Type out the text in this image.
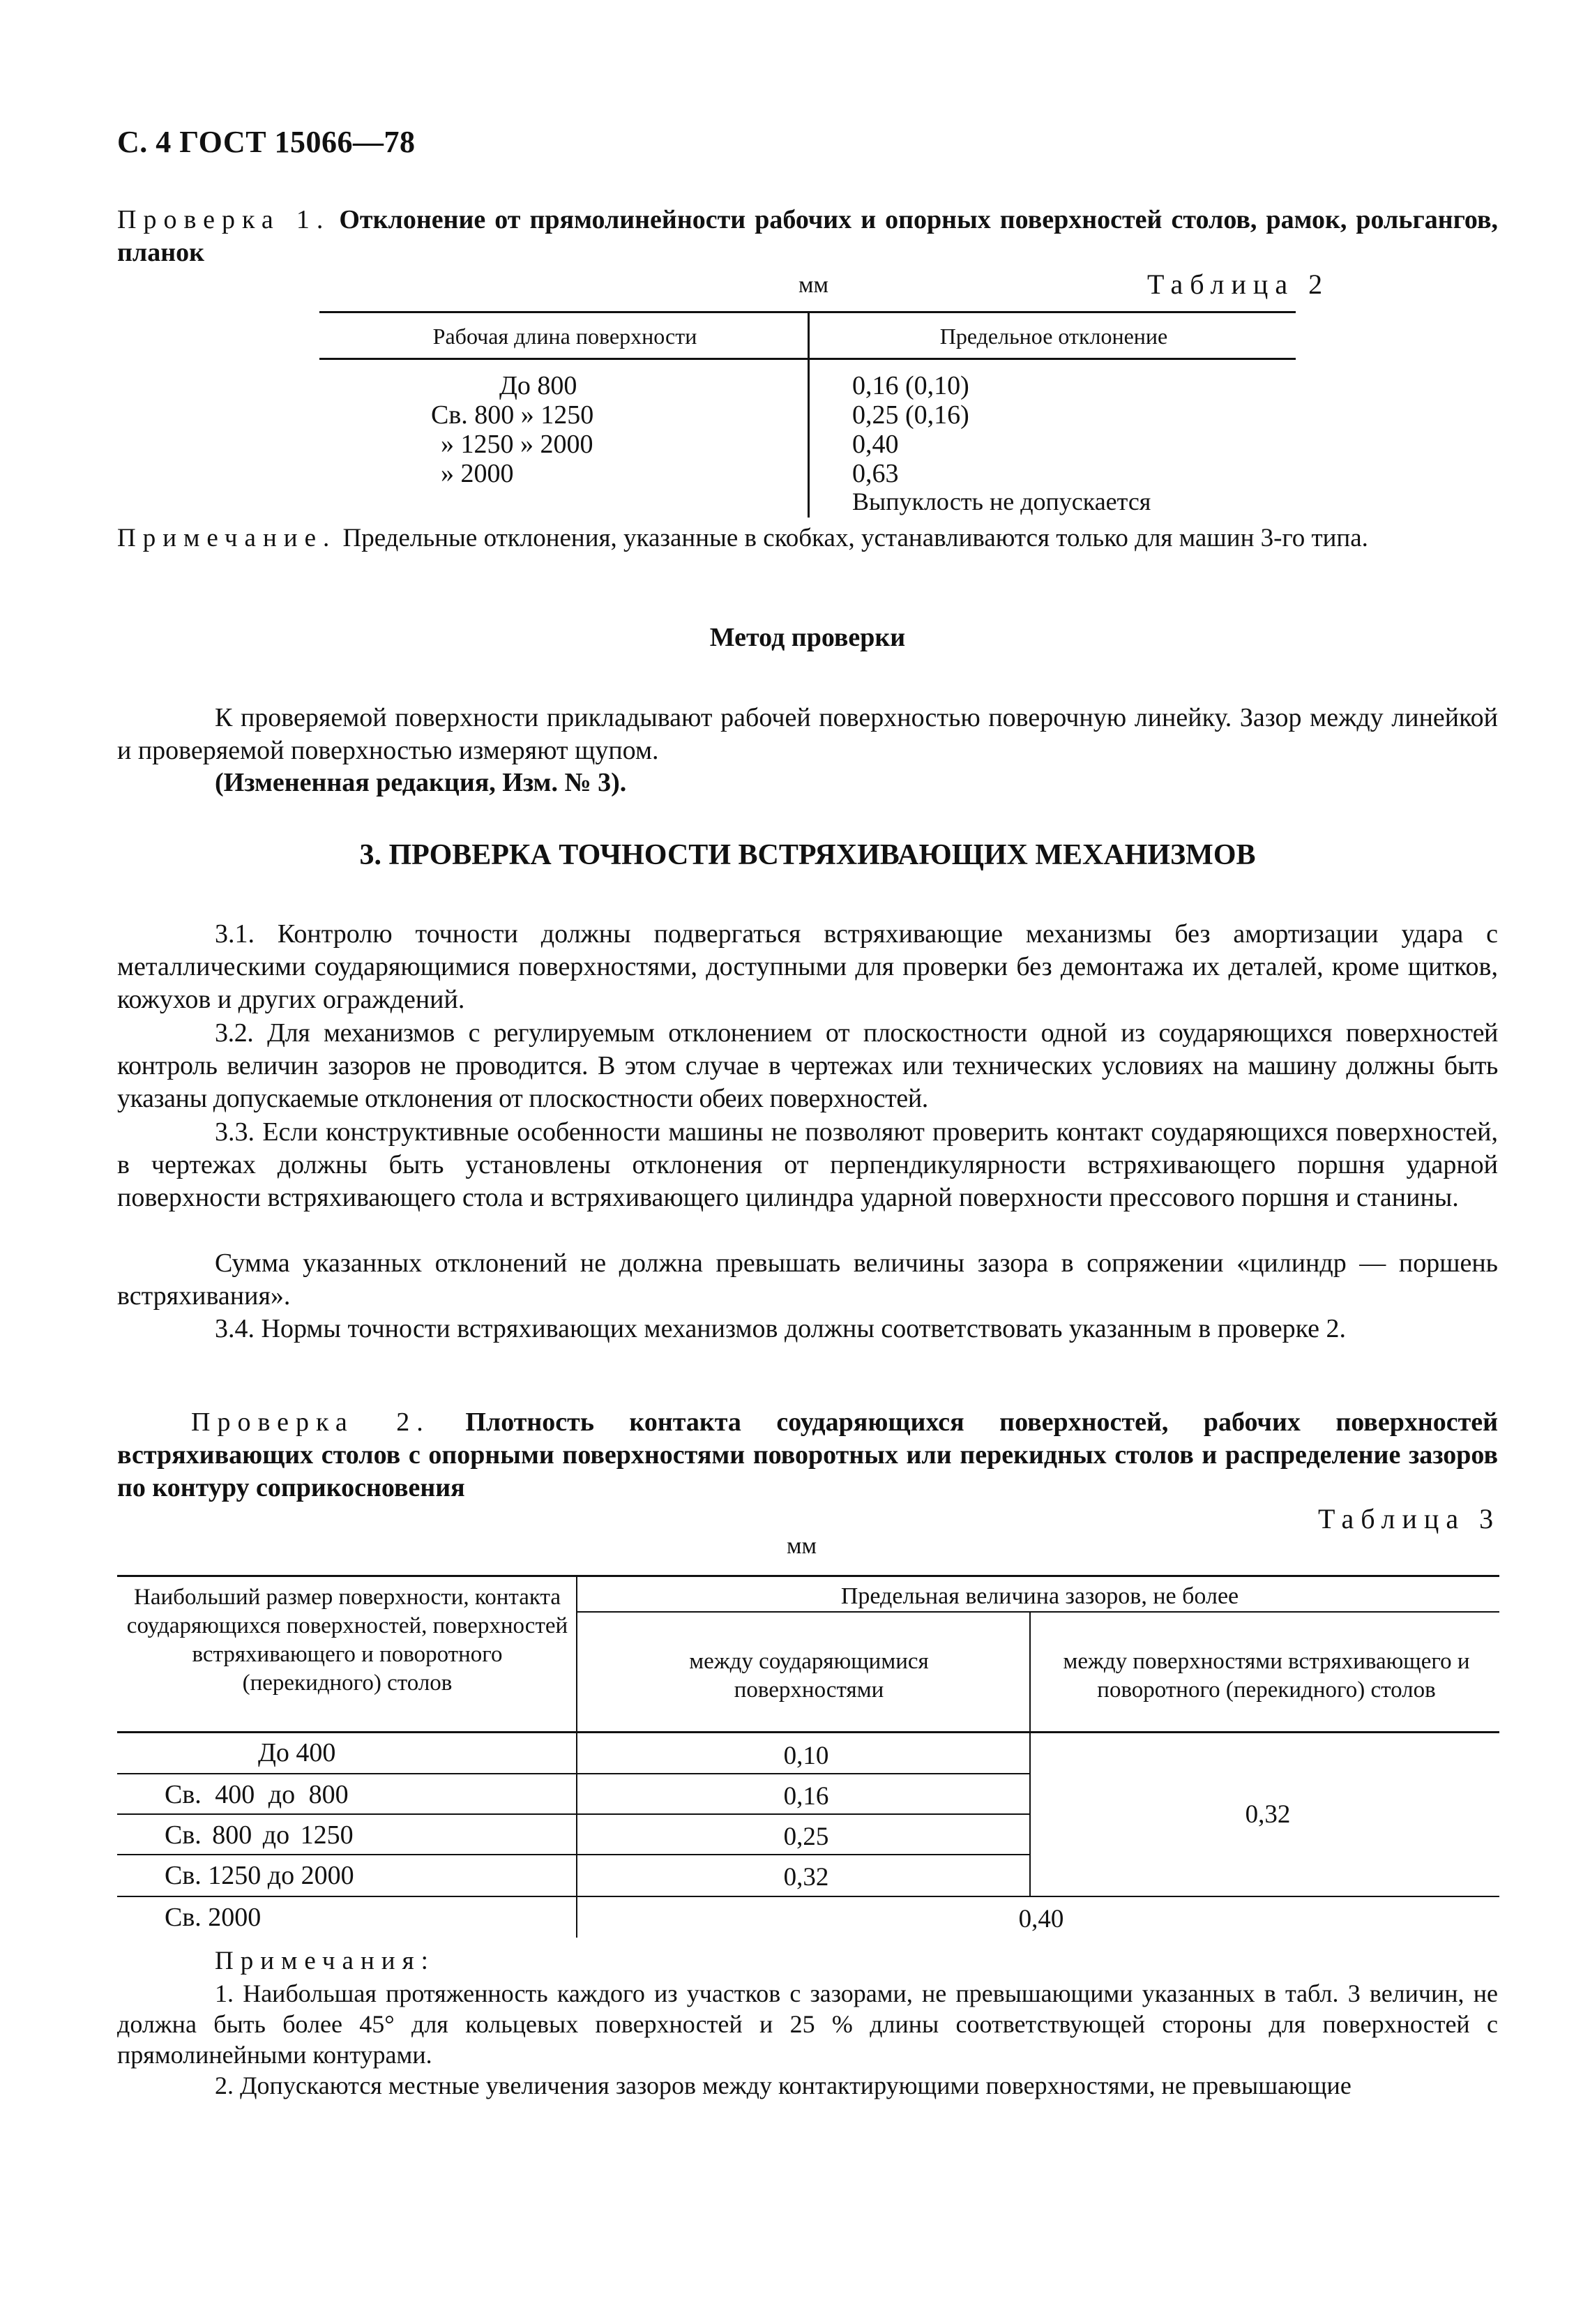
С. 4 ГОСТ 15066—78
Проверка 1. Отклонение от прямолинейности рабочих и опорных поверхностей столов, рамок, рольгангов, планок
мм	Таблица 2
Рабочая длина поверхности	Предельное отклонение
До 800
Св. 800 » 1250
» 1250 » 2000
» 2000
0,16 (0,10)
0,25 (0,16)
0,40
0,63
Выпуклость не допускается
Примечание. Предельные отклонения, указанные в скобках, устанавливаются только для машин 3-го типа.
Метод проверки
К проверяемой поверхности прикладывают рабочей поверхностью поверочную линейку. Зазор между линейкой и проверяемой поверхностью измеряют щупом.
(Измененная редакция, Изм. № 3).
3. ПРОВЕРКА ТОЧНОСТИ ВСТРЯХИВАЮЩИХ МЕХАНИЗМОВ
3.1. Контролю точности должны подвергаться встряхивающие механизмы без амортизации удара с металлическими соударяющимися поверхностями, доступными для проверки без демонтажа их деталей, кроме щитков, кожухов и других ограждений.
3.2. Для механизмов с регулируемым отклонением от плоскостности одной из соударяющихся поверхностей контроль величин зазоров не проводится. В этом случае в чертежах или технических условиях на машину должны быть указаны допускаемые отклонения от плоскостности обеих поверхностей.
3.3. Если конструктивные особенности машины не позволяют проверить контакт соударяющихся поверхностей, в чертежах должны быть установлены отклонения от перпендикулярности встряхивающего поршня ударной поверхности встряхивающего стола и встряхивающего цилиндра ударной поверхности прессового поршня и станины.
Сумма указанных отклонений не должна превышать величины зазора в сопряжении «цилиндр — поршень встряхивания».
3.4. Нормы точности встряхивающих механизмов должны соответствовать указанным в проверке 2.
Проверка 2. Плотность контакта соударяющихся поверхностей, рабочих поверхностей встряхивающих столов с опорными поверхностями поворотных или перекидных столов и распределение зазоров по контуру соприкосновения
Таблица 3
мм
Наибольший размер поверхности, контакта соударяющихся поверхностей, поверхностей встряхивающего и поворотного (перекидного) столов
Предельная величина зазоров, не более
между соударяющимися поверхностями
между поверхностями встряхивающего и поворотного (перекидного) столов
До 400
Св. 400 до 800
Св. 800 до 1250
Св. 1250 до 2000
Св. 2000
0,10
0,16
0,25
0,32
0,32
0,40
Примечания:
1. Наибольшая протяженность каждого из участков с зазорами, не превышающими указанных в табл. 3 величин, не должна быть более 45° для кольцевых поверхностей и 25 % длины соответствующей стороны для поверхностей с прямолинейными контурами.
2. Допускаются местные увеличения зазоров между контактирующими поверхностями, не превышающие
